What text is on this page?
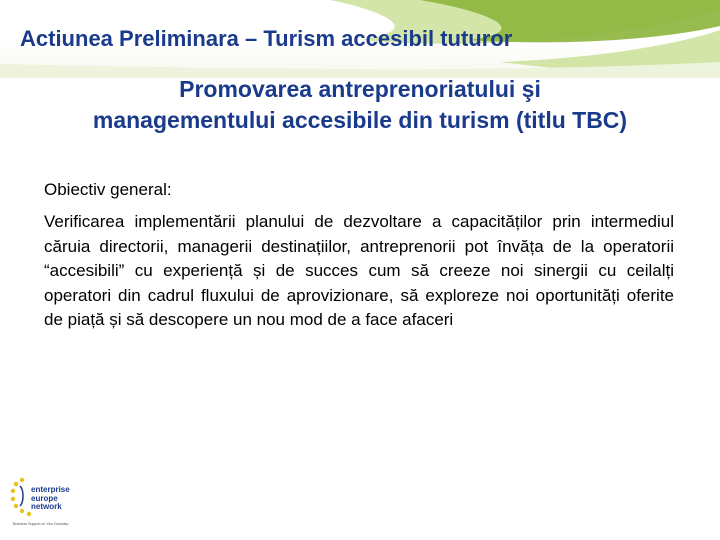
Actiunea Preliminara – Turism accesibil tuturor
Promovarea antreprenoriatului şi
managementului accesibile din turism (titlu TBC)
Obiectiv general:
Verificarea implementării planului de dezvoltare a capacităților prin intermediul căruia directorii, managerii destinațiilor, antreprenorii pot învăța de la operatorii “accesibili” cu experiență și de succes cum să creeze noi sinergii cu ceilalți operatori din cadrul fluxului de aprovizionare, să exploreze noi oportunități oferite de piață și să descopere un nou mod de a face afaceri
enterprise
europe
network
Business Support on Your Doorstep
